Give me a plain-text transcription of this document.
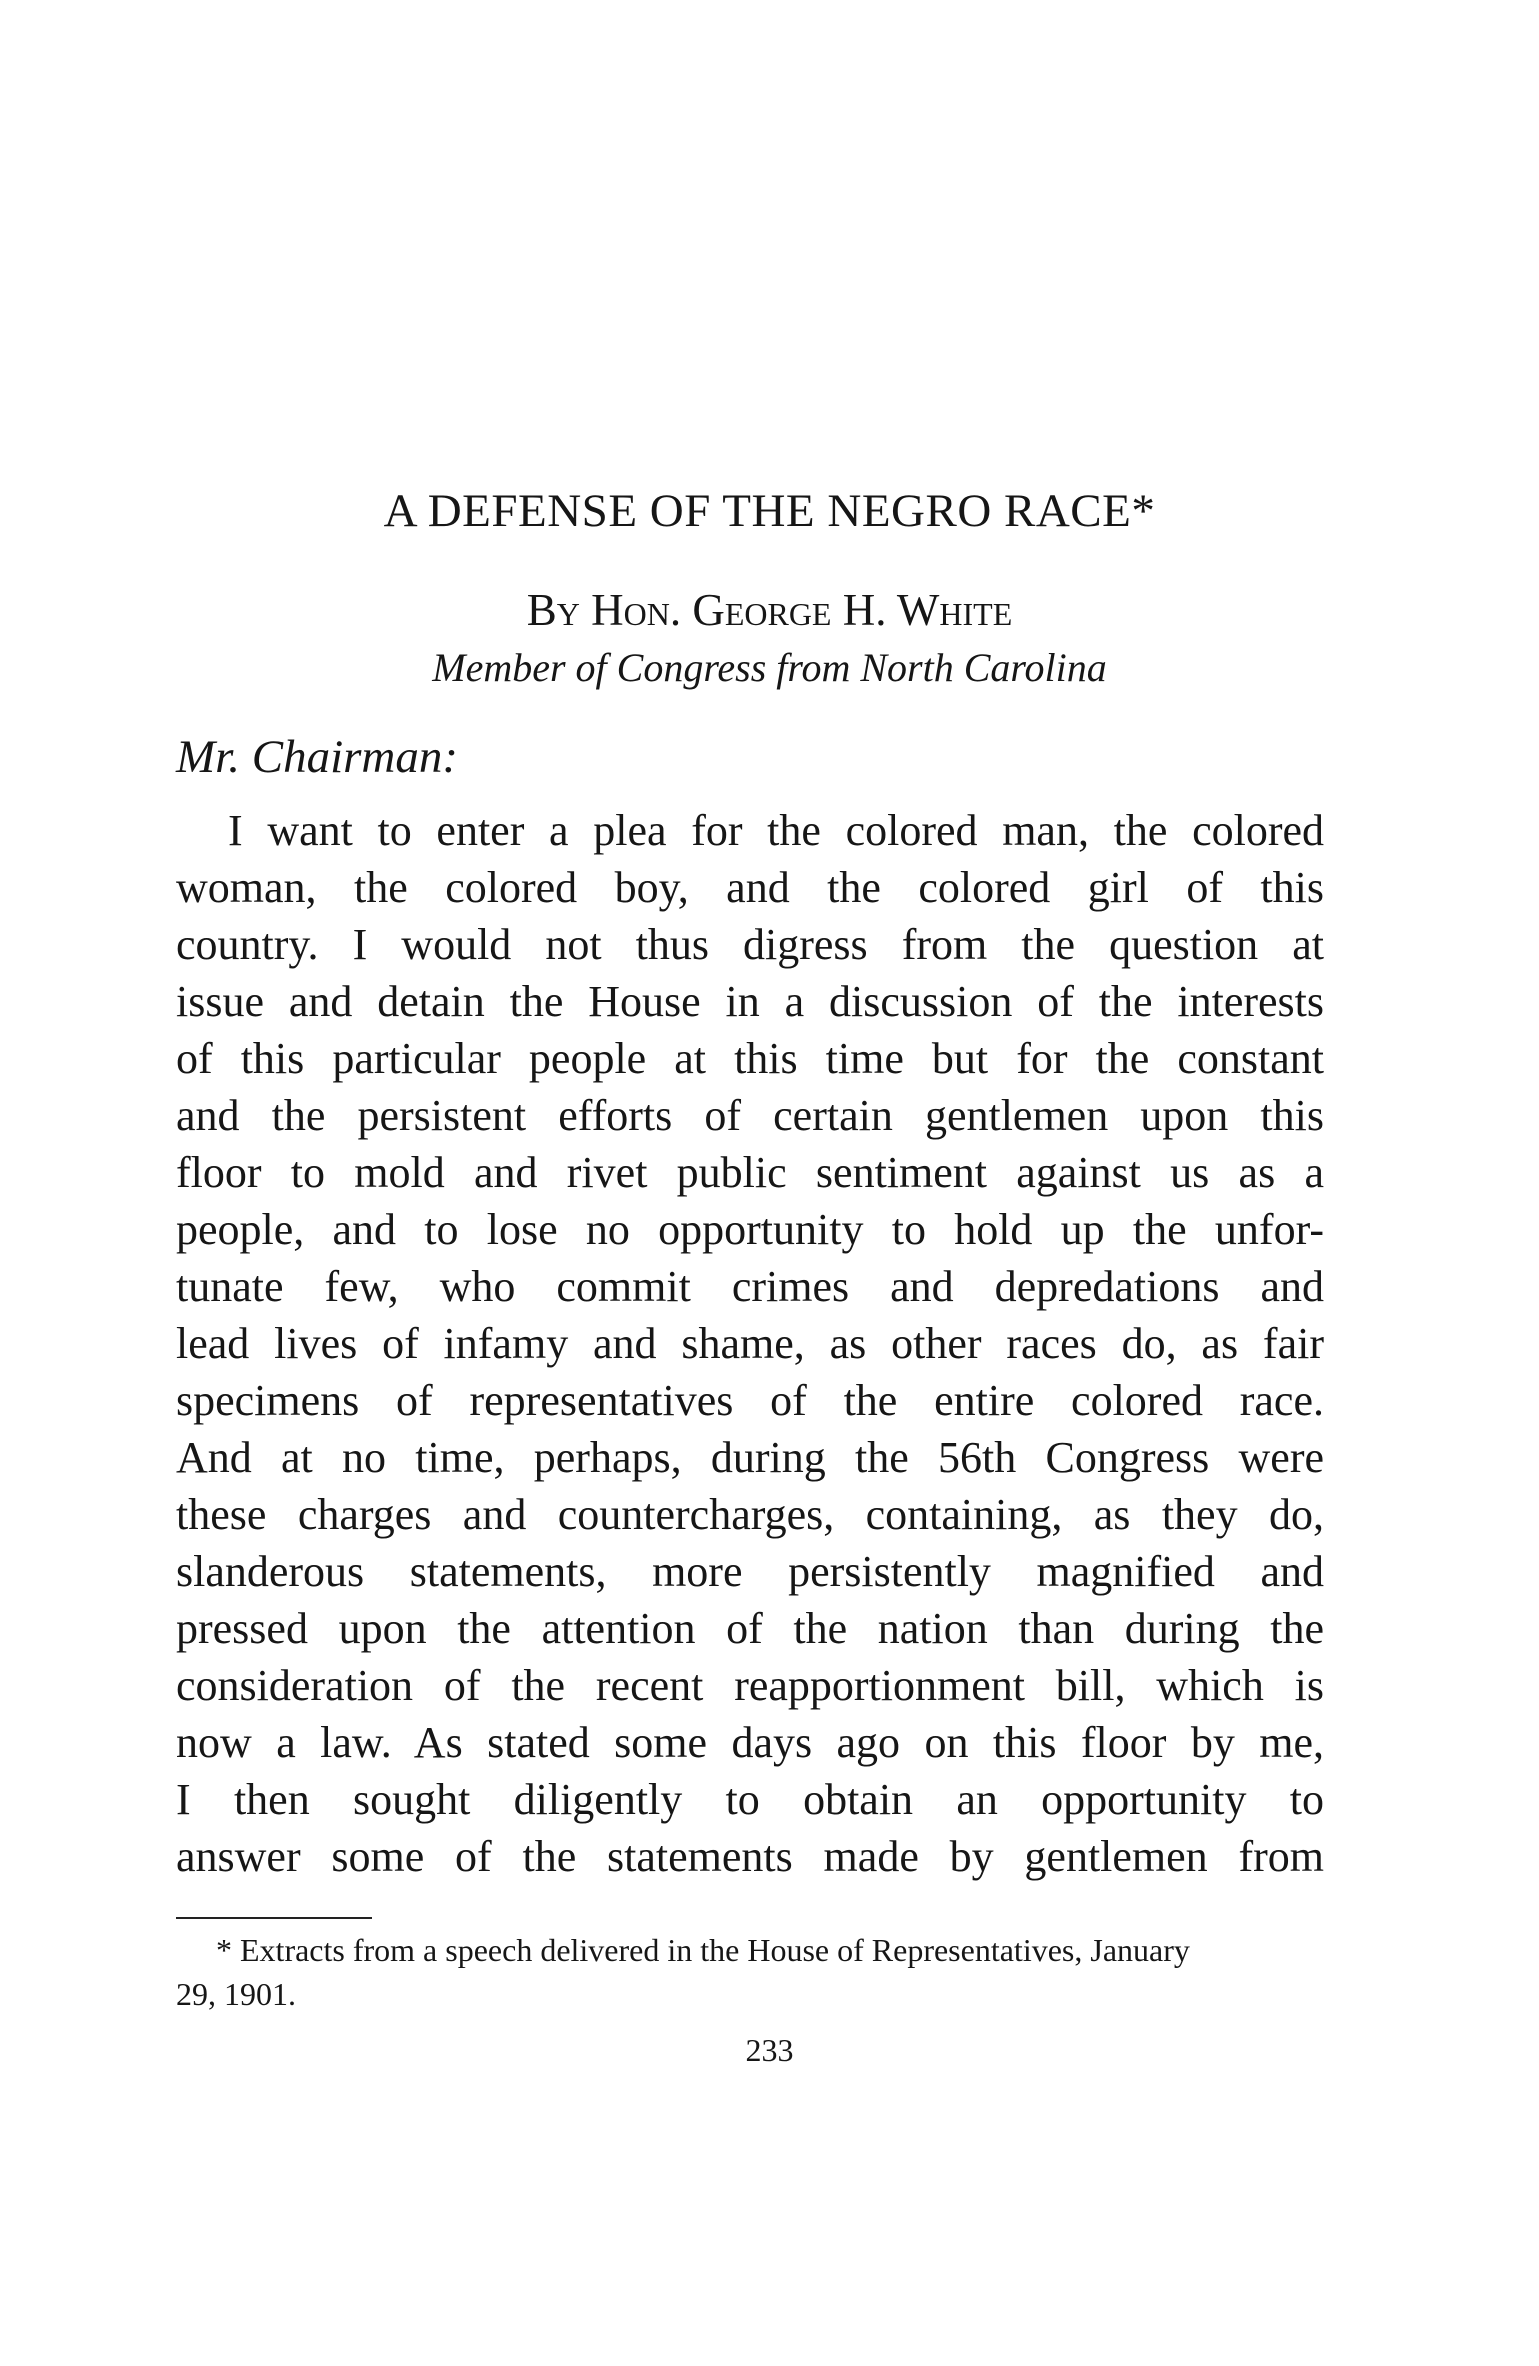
A DEFENSE OF THE NEGRO RACE*
By Hon. George H. White
Member of Congress from North Carolina
Mr. Chairman:
I want to enter a plea for the colored man, the colored
woman, the colored boy, and the colored girl of this
country. I would not thus digress from the question at
issue and detain the House in a discussion of the interests
of this particular people at this time but for the constant
and the persistent efforts of certain gentlemen upon this
floor to mold and rivet public sentiment against us as a
people, and to lose no opportunity to hold up the unfor-
tunate few, who commit crimes and depredations and
lead lives of infamy and shame, as other races do, as fair
specimens of representatives of the entire colored race.
And at no time, perhaps, during the 56th Congress were
these charges and countercharges, containing, as they do,
slanderous statements, more persistently magnified and
pressed upon the attention of the nation than during the
consideration of the recent reapportionment bill, which is
now a law. As stated some days ago on this floor by me,
I then sought diligently to obtain an opportunity to
answer some of the statements made by gentlemen from
* Extracts from a speech delivered in the House of Representatives, January
29, 1901.
233
